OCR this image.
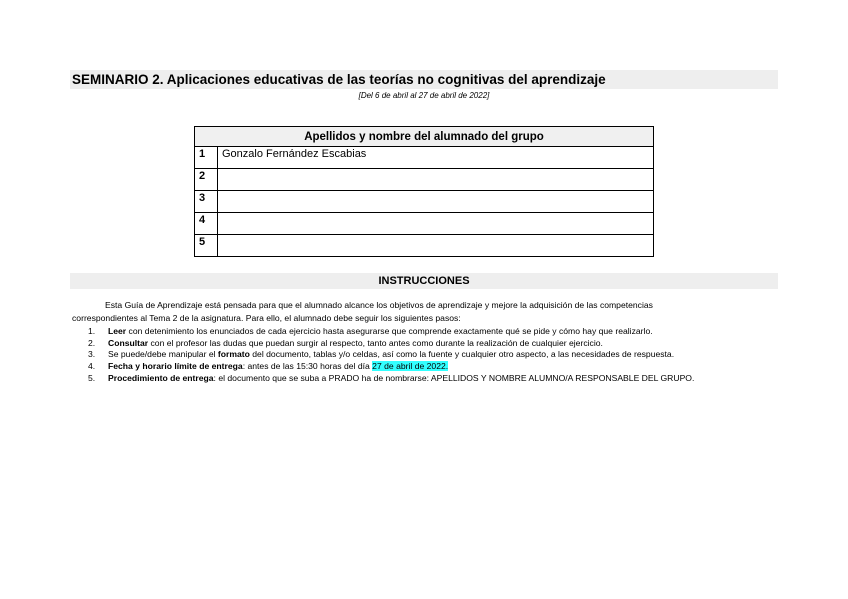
SEMINARIO 2. Aplicaciones educativas de las teorías no cognitivas del aprendizaje
[Del 6 de abril al 27 de abril de 2022]
Apellidos y nombre del alumnado del grupo	
1	Gonzalo Fernández Escabias
2	
3	
4	
5	
INSTRUCCIONES
Esta Guía de Aprendizaje está pensada para que el alumnado alcance los objetivos de aprendizaje y mejore la adquisición de las competencias
correspondientes al Tema 2 de la asignatura. Para ello, el alumnado debe seguir los siguientes pasos:
1. Leer con detenimiento los enunciados de cada ejercicio hasta asegurarse que comprende exactamente qué se pide y cómo hay que realizarlo.
2. Consultar con el profesor las dudas que puedan surgir al respecto, tanto antes como durante la realización de cualquier ejercicio.
3. Se puede/debe manipular el formato del documento, tablas y/o celdas, así como la fuente y cualquier otro aspecto, a las necesidades de respuesta.
4. Fecha y horario límite de entrega: antes de las 15:30 horas del día 27 de abril de 2022.
5. Procedimiento de entrega: el documento que se suba a PRADO ha de nombrarse: APELLIDOS Y NOMBRE ALUMNO/A RESPONSABLE DEL GRUPO.
